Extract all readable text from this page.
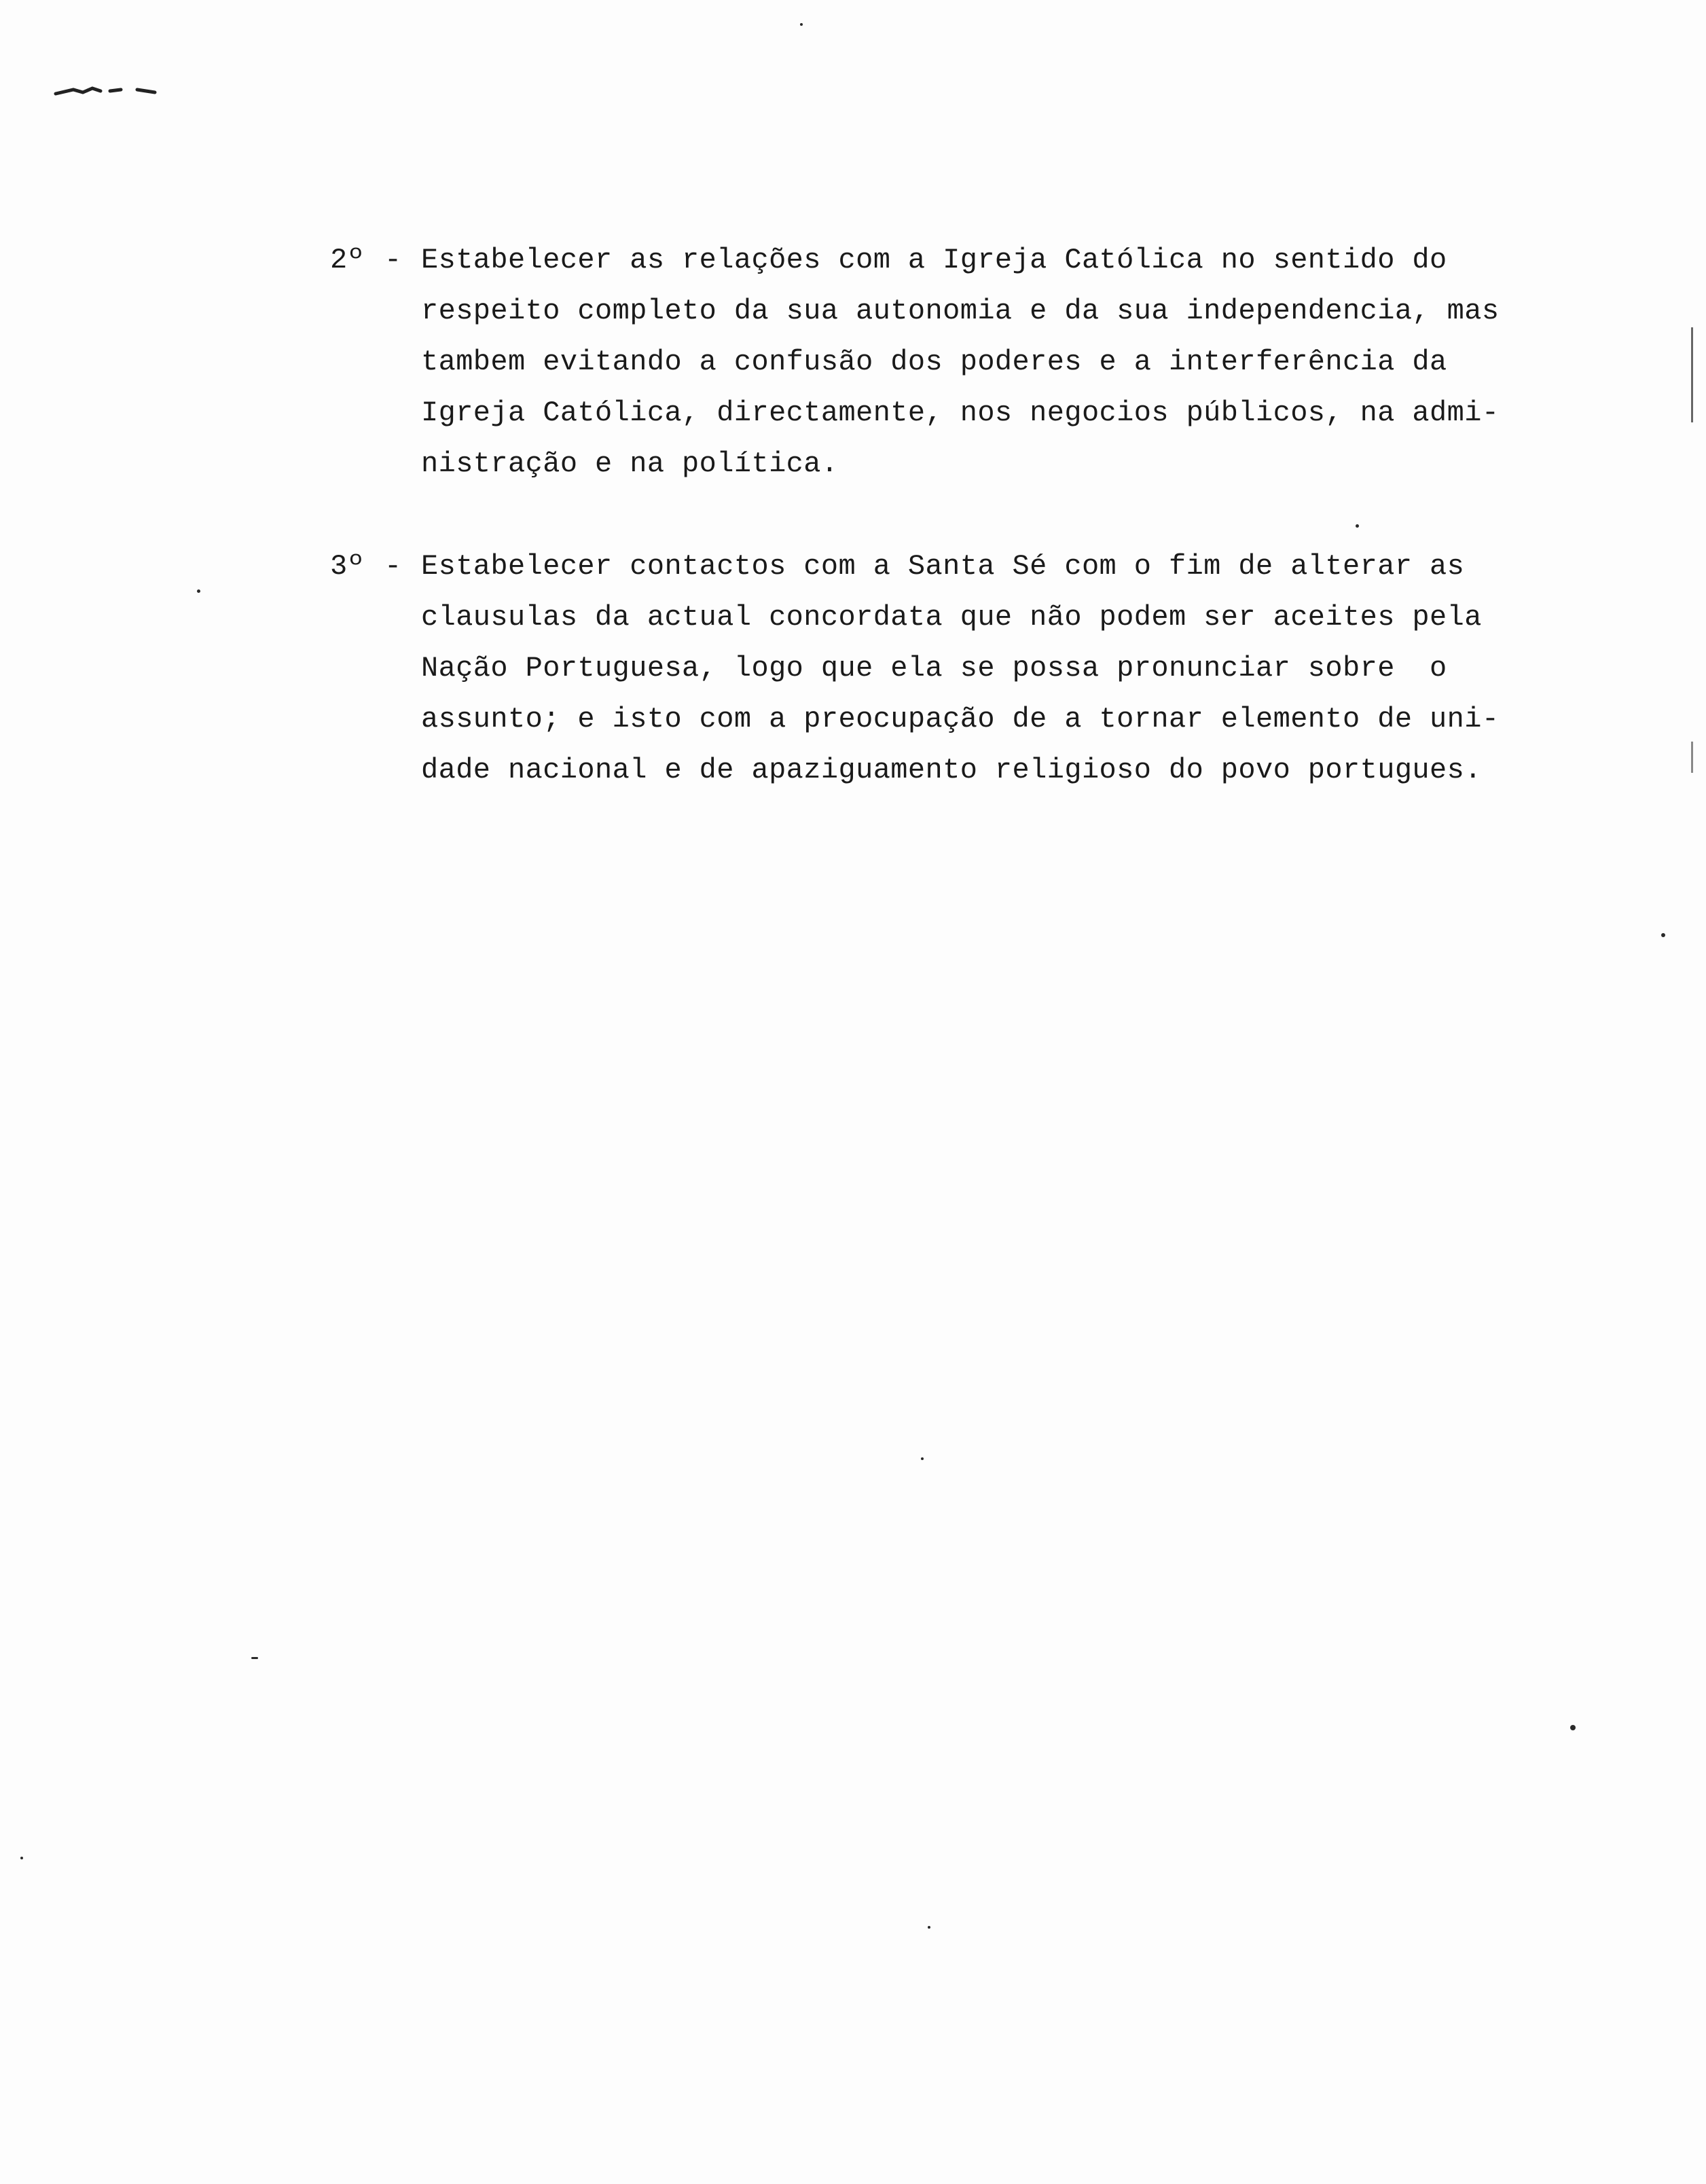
2º - Estabelecer as relações com a Igreja Católica no sentido do
respeito completo da sua autonomia e da sua independencia, mas
tambem evitando a confusão dos poderes e a interferência da
Igreja Católica, directamente, nos negocios públicos, na admi-
nistração e na política.
3º - Estabelecer contactos com a Santa Sé com o fim de alterar as
clausulas da actual concordata que não podem ser aceites pela
Nação Portuguesa, logo que ela se possa pronunciar sobre  o
assunto; e isto com a preocupação de a tornar elemento de uni-
dade nacional e de apaziguamento religioso do povo portugues.
